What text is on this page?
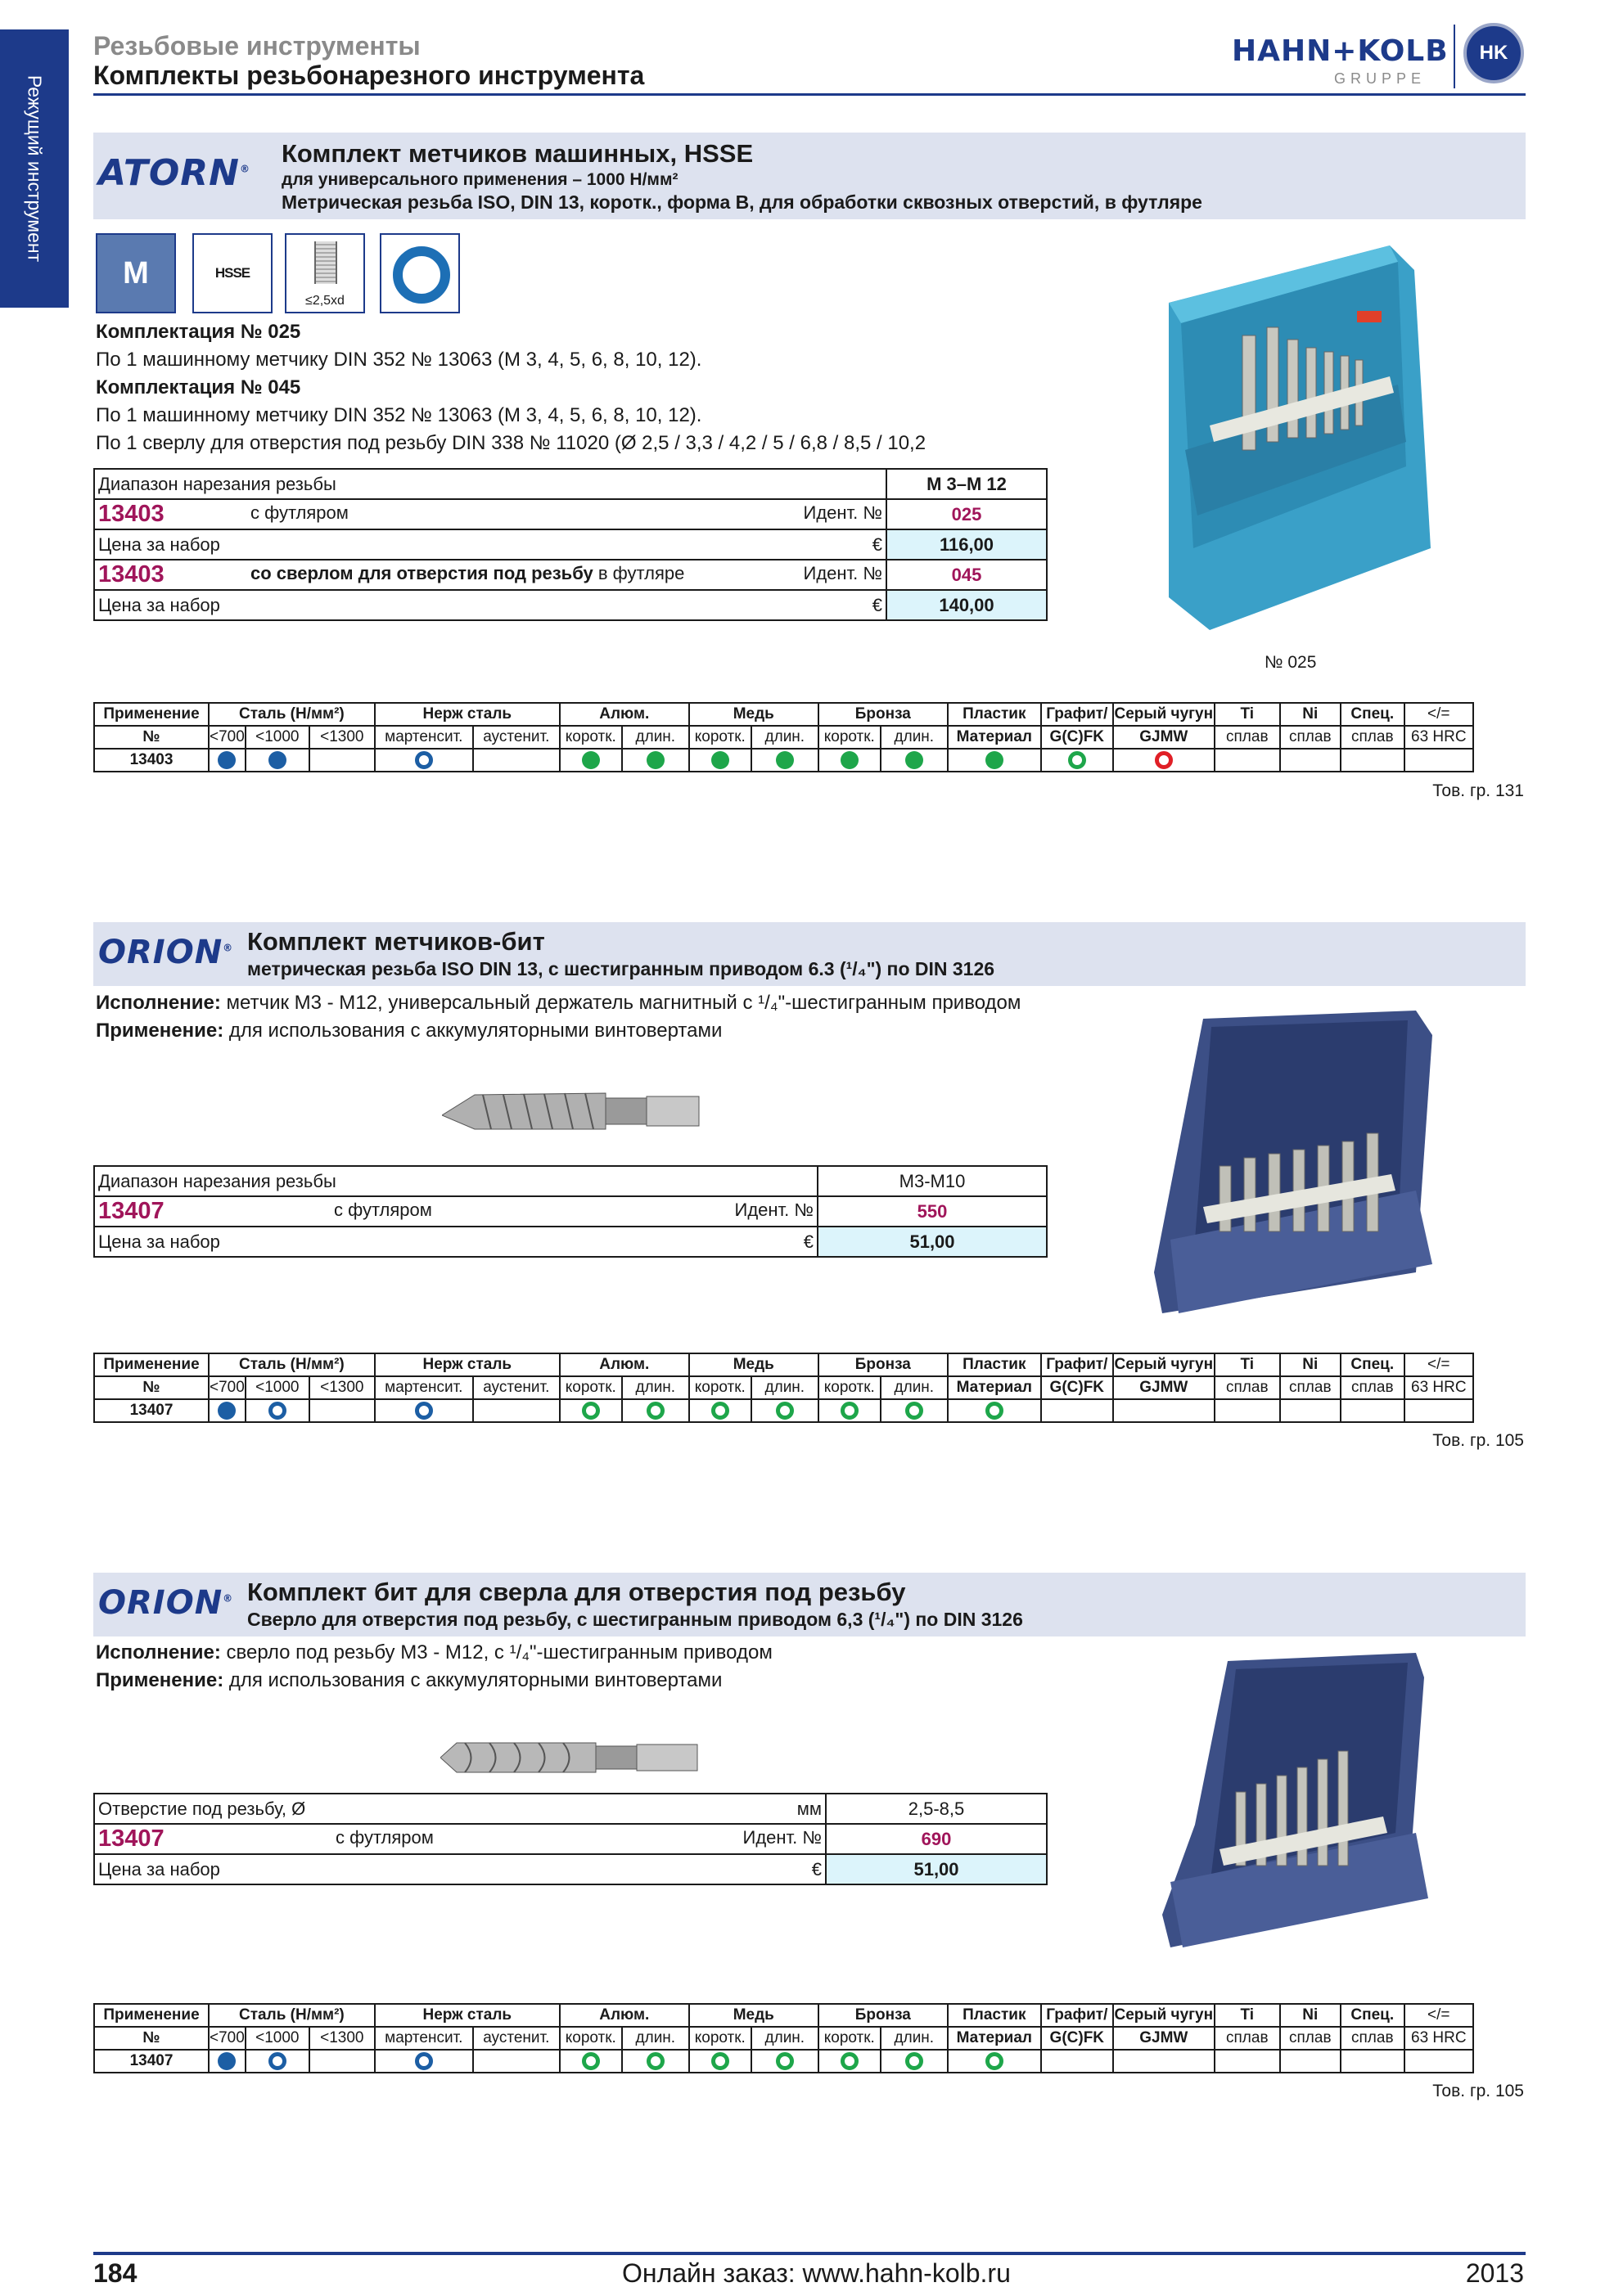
Режущий инструмент
Резьбовые инструменты
Комплекты резьбонарезного инструмента
HAHN+KOLB
GRUPPE
HK
ATORN®
Комплект метчиков машинных, HSSE
для универсального применения – 1000 Н/мм²
Метрическая резьба ISO, DIN 13, коротк., форма B, для обработки сквозных отверстий, в футляре
M	HSSE
≤2,5xd
Комплектация № 025
По 1 машинному метчику DIN 352 № 13063 (M 3, 4, 5, 6, 8, 10, 12).
Комплектация № 045
По 1 машинному метчику DIN 352 № 13063 (M 3, 4, 5, 6, 8, 10, 12).
По 1 сверлу для отверстия под резьбу DIN 338 № 11020 (Ø 2,5 / 3,3 / 4,2 / 5 / 6,8 / 8,5 / 10,2
Диапазон нарезания резьбы	M 3–M 12

13403 с футляром Идент. №	025

Цена за набор €	116,00

13403 со сверлом для отверстия под резьбу в футляре Идент. №	045

Цена за набор €	140,00
№ 025
Применение	Сталь (Н/мм²)			Нерж сталь		Алюм.		Медь		Бронза		Пластик	Графит/	Серый чугун	Ti	Ni	Спец.	</=
№	<700	<1000	<1300	мартенсит.	аустенит.	коротк.	длин.	коротк.	длин.	коротк.	длин.	Материал	G(C)FK	GJMW	сплав	сплав	сплав	63 HRC
13403																		
Тов. гр. 131
ORION® Комплект метчиков-бит
метрическая резьба ISO DIN 13, с шестигранным приводом 6.3 (¹/₄") по DIN 3126
Исполнение: метчик M3 - M12, универсальный держатель магнитный с ¹/₄"-шестигранным приводом
Применение: для использования с аккумуляторными винтовертами
Диапазон нарезания резьбы	M3-M10

13407 с футляром Идент. №	550

Цена за набор €	51,00
Применение	Сталь (Н/мм²)			Нерж сталь		Алюм.		Медь		Бронза		Пластик	Графит/	Серый чугун	Ti	Ni	Спец.	</=
№	<700	<1000	<1300	мартенсит.	аустенит.	коротк.	длин.	коротк.	длин.	коротк.	длин.	Материал	G(C)FK	GJMW	сплав	сплав	сплав	63 HRC
13407																		
Тов. гр. 105
ORION® Комплект бит для сверла для отверстия под резьбу
Сверло для отверстия под резьбу, с шестигранным приводом 6,3 (¹/₄") по DIN 3126
Исполнение: сверло под резьбу M3 - M12, с ¹/₄"-шестигранным приводом
Применение: для использования с аккумуляторными винтовертами
Отверстие под резьбу, Ø мм	2,5-8,5

13407 с футляром Идент. №	690

Цена за набор €	51,00
Применение	Сталь (Н/мм²)			Нерж сталь		Алюм.		Медь		Бронза		Пластик	Графит/	Серый чугун	Ti	Ni	Спец.	</=
№	<700	<1000	<1300	мартенсит.	аустенит.	коротк.	длин.	коротк.	длин.	коротк.	длин.	Материал	G(C)FK	GJMW	сплав	сплав	сплав	63 HRC
13407																		
Тов. гр. 105
184	Онлайн заказ: www.hahn-kolb.ru	2013
